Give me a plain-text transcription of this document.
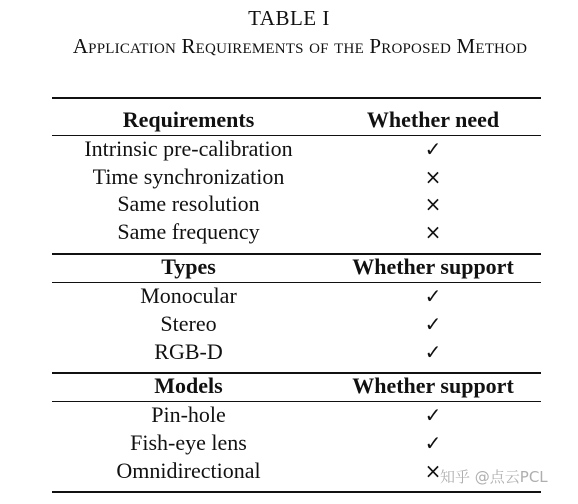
TABLE I
Application Requirements of the Proposed Method
Requirements	Whether need
Intrinsic pre-calibration	✓
Time synchronization	×
Same resolution	×
Same frequency	×
Types	Whether support
Monocular	✓
Stereo	✓
RGB-D	✓
Models	Whether support
Pin-hole	✓
Fish-eye lens	✓
Omnidirectional	×
知乎 @点云PCL
